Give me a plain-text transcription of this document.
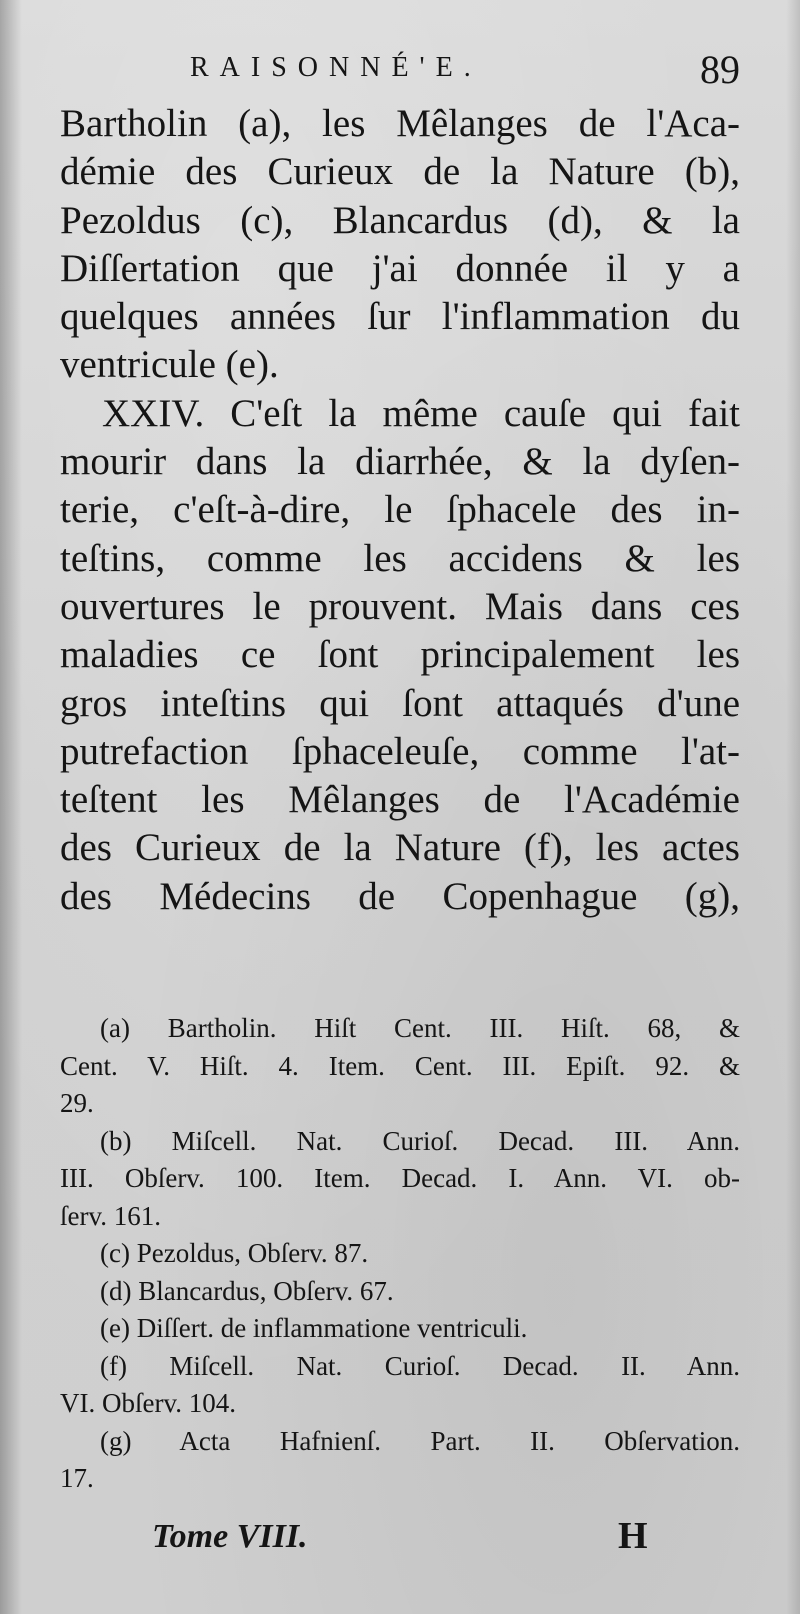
RAISONNÉ'E.	89
Bartholin (a), les Mêlanges de l'Aca-
démie des Curieux de la Nature (b),
Pezoldus (c), Blancardus (d), & la
Diſſertation que j'ai donnée il y a
quelques années ſur l'inflammation du
ventricule (e).
XXIV. C'eſt la même cauſe qui fait
mourir dans la diarrhée, & la dyſen-
terie, c'eſt-à-dire, le ſphacele des in-
teſtins, comme les accidens & les
ouvertures le prouvent. Mais dans ces
maladies ce ſont principalement les
gros inteſtins qui ſont attaqués d'une
putrefaction ſphaceleuſe, comme l'at-
teſtent les Mêlanges de l'Académie
des Curieux de la Nature (f), les actes
des Médecins de Copenhague (g),
(a) Bartholin. Hiſt Cent. III. Hiſt. 68, &
Cent. V. Hiſt. 4. Item. Cent. III. Epiſt. 92. &
29.
(b) Miſcell. Nat. Curioſ. Decad. III. Ann.
III. Obſerv. 100. Item. Decad. I. Ann. VI. ob-
ſerv. 161.
(c) Pezoldus, Obſerv. 87.
(d) Blancardus, Obſerv. 67.
(e) Diſſert. de inflammatione ventriculi.
(f) Miſcell. Nat. Curioſ. Decad. II. Ann.
VI. Obſerv. 104.
(g) Acta Hafnienſ. Part. II. Obſervation.
17.
Tome VIII.	H
